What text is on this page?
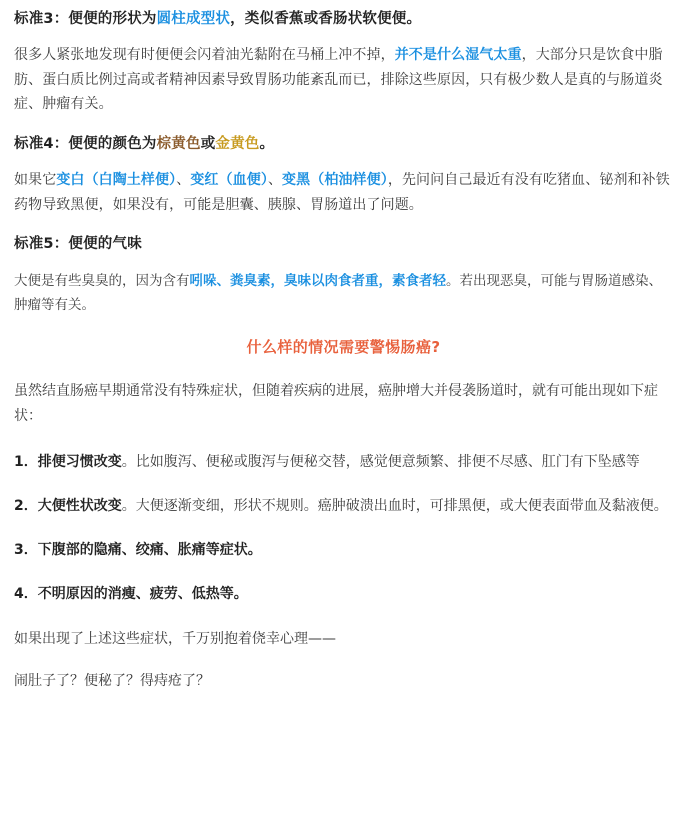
标准3：便便的形状为圆柱成型状，类似香蕉或香肠状软便便。

很多人紧张地发现有时便便会闪着油光黏附在马桶上冲不掉，并不是什么湿气太重，大部分只是饮食中脂肪、蛋白质比例过高或者精神因素导致胃肠功能紊乱而已，排除这些原因，只有极少数人是真的与肠道炎症、肿瘤有关。

标准4：便便的颜色为棕黄色或金黄色。

如果它变白（白陶土样便）、变红（血便）、变黑（柏油样便），先问问自己最近有没有吃猪血、铋剂和补铁药物导致黑便，如果没有，可能是胆囊、胰腺、胃肠道出了问题。

标准5：便便的气味

大便是有些臭臭的，因为含有吲哚、粪臭素，臭味以肉食者重，素食者轻。若出现恶臭，可能与胃肠道感染、肿瘤等有关。

什么样的情况需要警惕肠癌?

虽然结直肠癌早期通常没有特殊症状，但随着疾病的进展，癌肿增大并侵袭肠道时，就有可能出现如下症状：

1．排便习惯改变。比如腹泻、便秘或腹泻与便秘交替，感觉便意频繁、排便不尽感、肛门有下坠感等

2．大便性状改变。大便逐渐变细，形状不规则。癌肿破溃出血时，可排黑便，或大便表面带血及黏液便。

3．下腹部的隐痛、绞痛、胀痛等症状。

4．不明原因的消瘦、疲劳、低热等。

如果出现了上述这些症状，千万别抱着侥幸心理——

闹肚子了？便秘了？得痔疮了？
